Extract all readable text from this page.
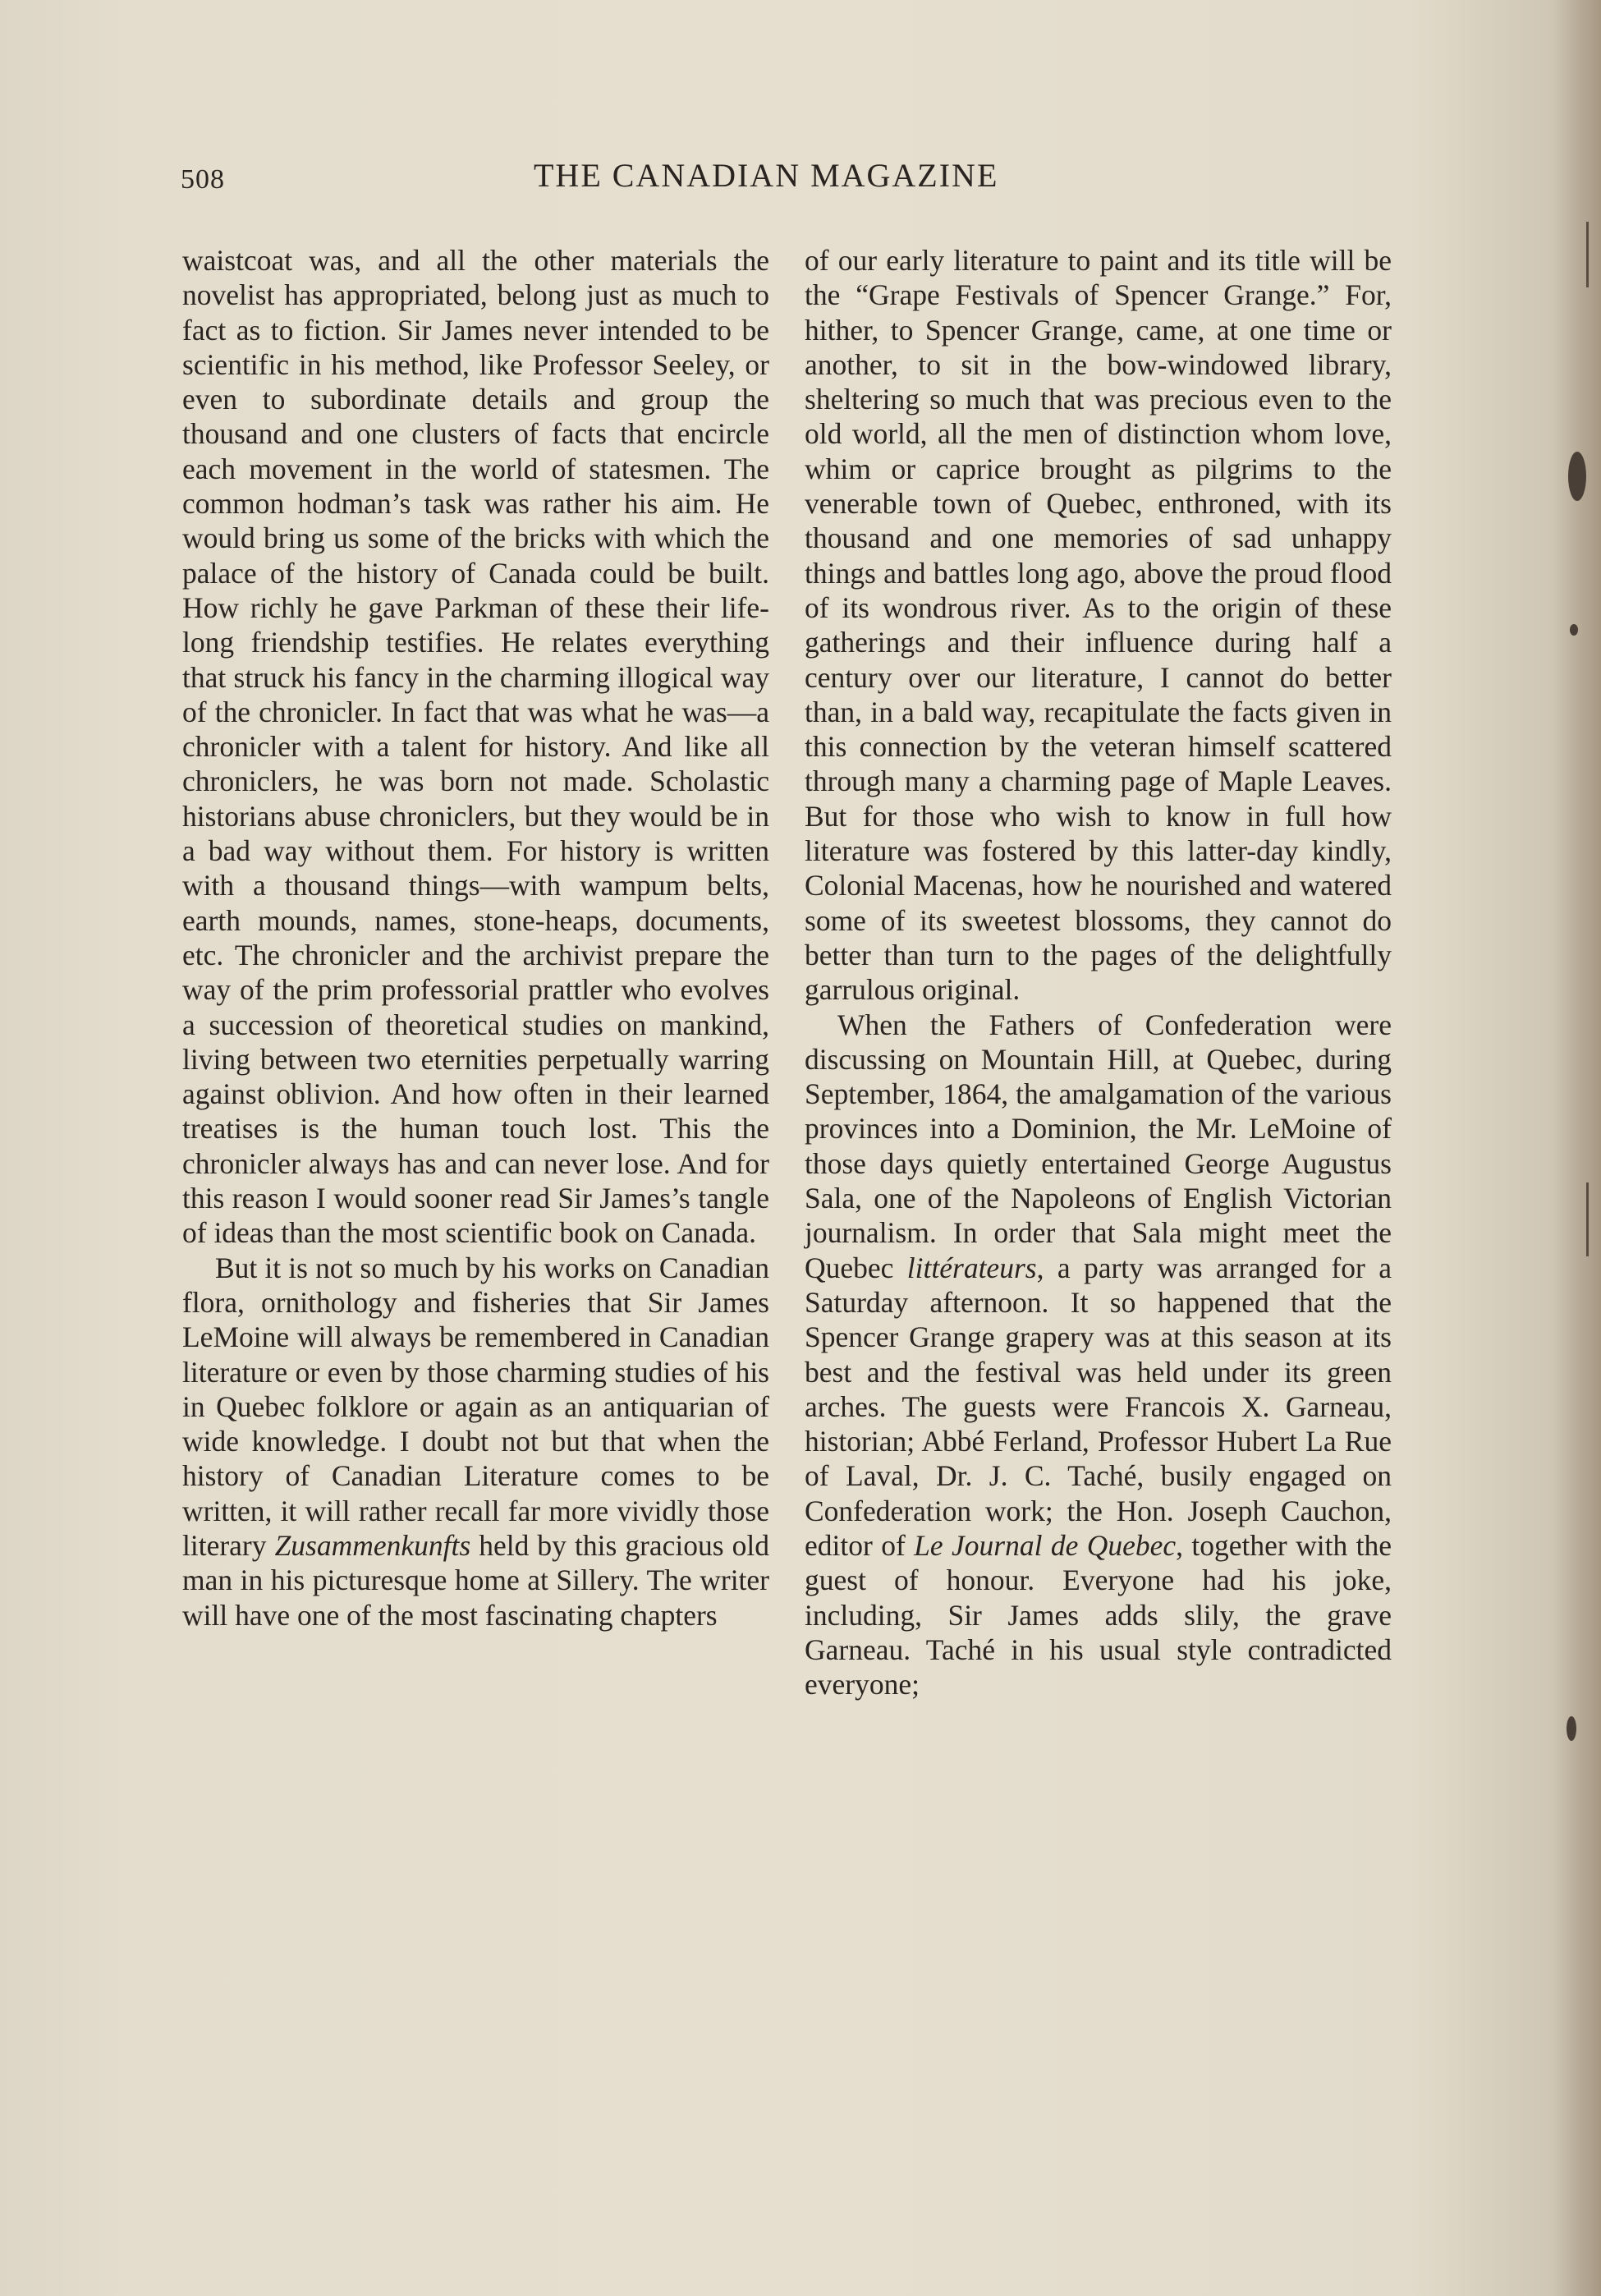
508	THE CANADIAN MAGAZINE

waistcoat was, and all the other materials the novelist has appropriated, belong just as much to fact as to fiction. Sir James never intended to be scientific in his method, like Professor Seeley, or even to subordinate details and group the thousand and one clusters of facts that encircle each movement in the world of statesmen. The common hodman’s task was rather his aim. He would bring us some of the bricks with which the palace of the history of Canada could be built. How richly he gave Parkman of these their life-long friendship testifies. He relates everything that struck his fancy in the charming illogical way of the chronicler. In fact that was what he was—a chronicler with a talent for history. And like all chroniclers, he was born not made. Scholastic historians abuse chroniclers, but they would be in a bad way without them. For history is written with a thousand things—with wampum belts, earth mounds, names, stone-heaps, documents, etc. The chronicler and the archivist prepare the way of the prim professorial prattler who evolves a succession of theoretical studies on mankind, living between two eternities perpetually warring against oblivion. And how often in their learned treatises is the human touch lost. This the chronicler always has and can never lose. And for this reason I would sooner read Sir James’s tangle of ideas than the most scientific book on Canada.

But it is not so much by his works on Canadian flora, ornithology and fisheries that Sir James LeMoine will always be remembered in Canadian literature or even by those charming studies of his in Quebec folklore or again as an antiquarian of wide knowledge. I doubt not but that when the history of Canadian Literature comes to be written, it will rather recall far more vividly those literary Zusammenkunfts held by this gracious old man in his picturesque home at Sillery. The writer will have one of the most fascinating chapters

of our early literature to paint and its title will be the “Grape Festivals of Spencer Grange.” For, hither, to Spencer Grange, came, at one time or another, to sit in the bow-windowed library, sheltering so much that was precious even to the old world, all the men of distinction whom love, whim or caprice brought as pilgrims to the venerable town of Quebec, enthroned, with its thousand and one memories of sad unhappy things and battles long ago, above the proud flood of its wondrous river. As to the origin of these gatherings and their influence during half a century over our literature, I cannot do better than, in a bald way, recapitulate the facts given in this connection by the veteran himself scattered through many a charming page of Maple Leaves. But for those who wish to know in full how literature was fostered by this latter-day kindly, Colonial Macenas, how he nourished and watered some of its sweetest blossoms, they cannot do better than turn to the pages of the delightfully garrulous original.

When the Fathers of Confederation were discussing on Mountain Hill, at Quebec, during September, 1864, the amalgamation of the various provinces into a Dominion, the Mr. LeMoine of those days quietly entertained George Augustus Sala, one of the Napoleons of English Victorian journalism. In order that Sala might meet the Quebec littérateurs, a party was arranged for a Saturday afternoon. It so happened that the Spencer Grange grapery was at this season at its best and the festival was held under its green arches. The guests were Francois X. Garneau, historian; Abbé Ferland, Professor Hubert La Rue of Laval, Dr. J. C. Taché, busily engaged on Confederation work; the Hon. Joseph Cauchon, editor of Le Journal de Quebec, together with the guest of honour. Everyone had his joke, including, Sir James adds slily, the grave Garneau. Taché in his usual style contradicted everyone;
